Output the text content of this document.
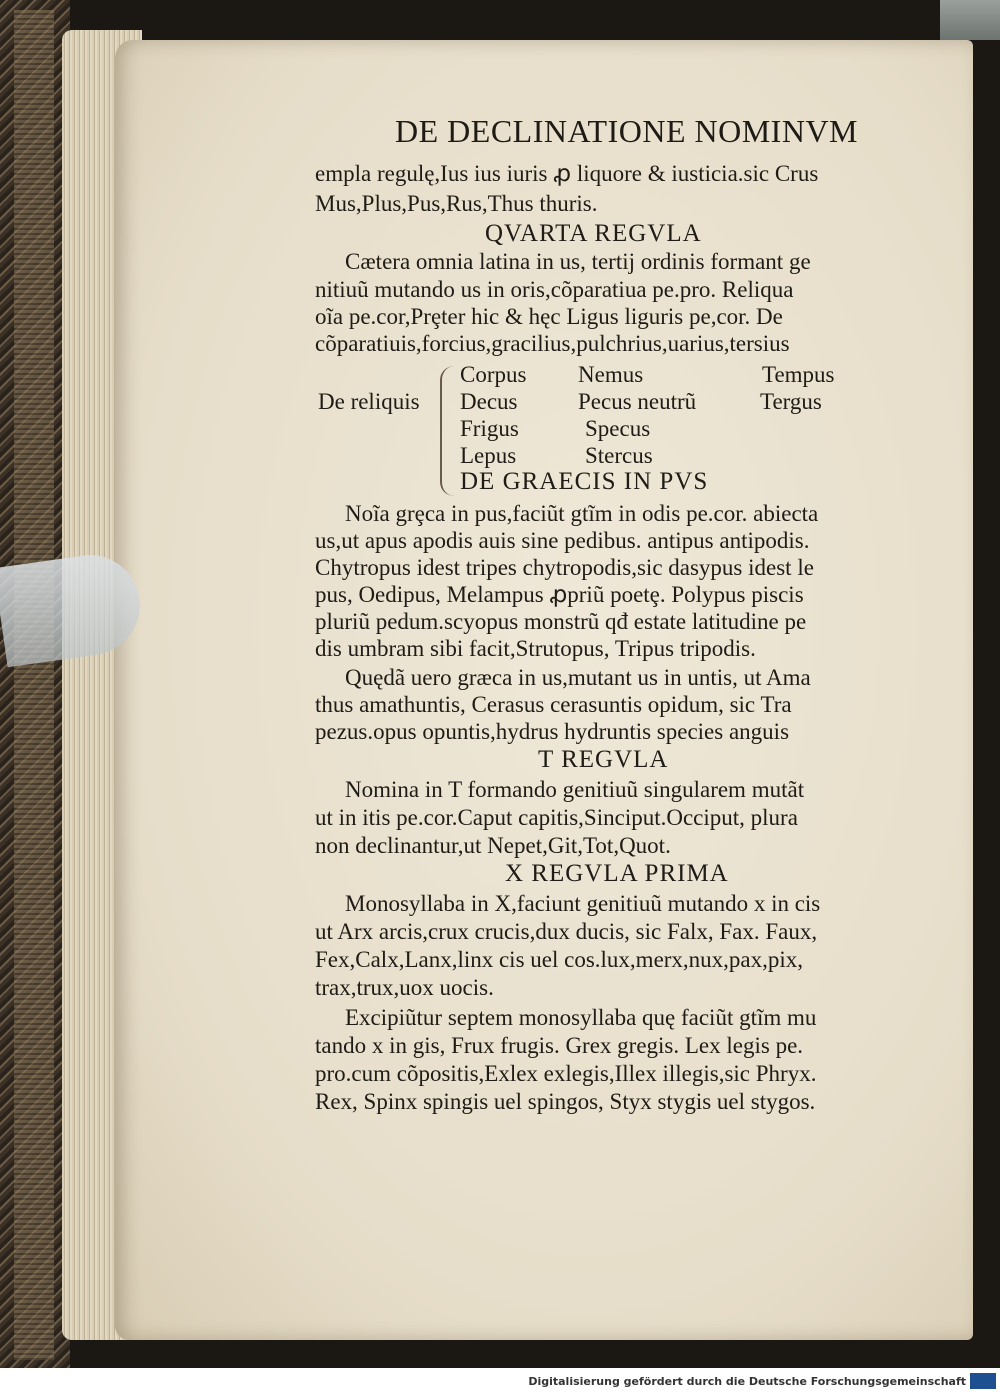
DE DECLINATIONE NOMINVM
empla regulę,Ius ius iuris ꝓ liquore & iusticia.sic Crus
Mus,Plus,Pus,Rus,Thus thuris.
QVARTA REGVLA
Cætera omnia latina in us, tertij ordinis formant ge
nitiuũ mutando us in oris,cõparatiua pe.pro. Reliqua
oĩa pe.cor,Prȩter hic & hęc Ligus liguris pe,cor. De
cõparatiuis,forcius,gracilius,pulchrius,uarius,tersius
De reliquis
Corpus
Decus
Frigus
Lepus
Nemus
Pecus neutrũ
Specus
Stercus
Tempus
Tergus
DE GRAECIS IN PVS
Noĩa grȩca in pus,faciũt gtĩm in odis pe.cor. abiecta
us,ut apus apodis auis sine pedibus. antipus antipodis.
Chytropus idest tripes chytropodis,sic dasypus idest le
pus, Oedipus, Melampus ꝓpriũ poetȩ. Polypus piscis
pluriũ pedum.scyopus monstrũ qđ estate latitudine pe
dis umbram sibi facit,Strutopus, Tripus tripodis.
Quędã uero græca in us,mutant us in untis, ut Ama
thus amathuntis, Cerasus cerasuntis opidum, sic Tra
pezus.opus opuntis,hydrus hydruntis species anguis
T REGVLA
Nomina in T formando genitiuũ singularem mutãt
ut in itis pe.cor.Caput capitis,Sinciput.Occiput, plura
non declinantur,ut Nepet,Git,Tot,Quot.
X REGVLA PRIMA
Monosyllaba in X,faciunt genitiuũ mutando x in cis
ut Arx arcis,crux crucis,dux ducis, sic Falx, Fax. Faux,
Fex,Calx,Lanx,linx cis uel cos.lux,merx,nux,pax,pix,
trax,trux,uox uocis.
Excipiũtur septem monosyllaba quę faciũt gtĩm mu
tando x in gis, Frux frugis. Grex gregis. Lex legis pe.
pro.cum cõpositis,Exlex exlegis,Illex illegis,sic Phryx.
Rex, Spinx spingis uel spingos, Styx stygis uel stygos.
Digitalisierung gefördert durch die Deutsche Forschungsgemeinschaft
